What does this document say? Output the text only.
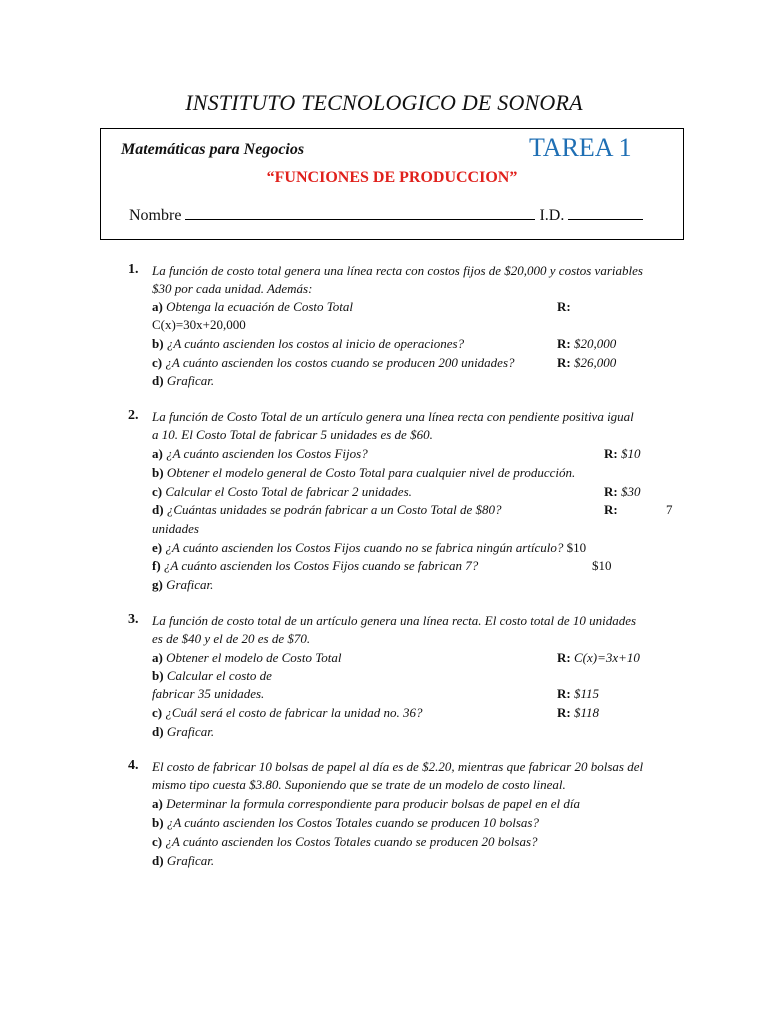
INSTITUTO TECNOLOGICO DE SONORA
Matemáticas para Negocios	TAREA 1
“FUNCIONES DE PRODUCCION”
Nombre	I.D.
1. La función de costo total genera una línea recta con costos fijos de $20,000 y costos variables
$30 por cada unidad. Además:
a) Obtenga la ecuación de Costo Total	R:
C(x)=30x+20,000
b) ¿A cuánto ascienden los costos al inicio de operaciones?	R: $20,000
c) ¿A cuánto ascienden los costos cuando se producen 200 unidades?	R: $26,000
d) Graficar.
2. La función de Costo Total de un artículo genera una línea recta con pendiente positiva igual
a 10. El Costo Total de fabricar 5 unidades es de $60.
a) ¿A cuánto ascienden los Costos Fijos?	R: $10
b) Obtener el modelo general de Costo Total para cualquier nivel de producción.
c) Calcular el Costo Total de fabricar 2 unidades.	R: $30
d) ¿Cuántas unidades se podrán fabricar a un Costo Total de $80?	R:	7
unidades
e) ¿A cuánto ascienden los Costos Fijos cuando no se fabrica ningún artículo? $10
f) ¿A cuánto ascienden los Costos Fijos cuando se fabrican 7?	$10
g) Graficar.
3. La función de costo total de un artículo genera una línea recta. El costo total de 10 unidades
es de $40 y el de 20 es de $70.
a) Obtener el modelo de Costo Total	R: C(x)=3x+10
b) Calcular el costo de
fabricar 35 unidades.	R: $115
c) ¿Cuál será el costo de fabricar la unidad no. 36?	R: $118
d) Graficar.
4. El costo de fabricar 10 bolsas de papel al día es de $2.20, mientras que fabricar 20 bolsas del
mismo tipo cuesta $3.80. Suponiendo que se trate de un modelo de costo lineal.
a) Determinar la formula correspondiente para producir bolsas de papel en el día
b) ¿A cuánto ascienden los Costos Totales cuando se producen 10 bolsas?
c) ¿A cuánto ascienden los Costos Totales cuando se producen 20 bolsas?
d) Graficar.
